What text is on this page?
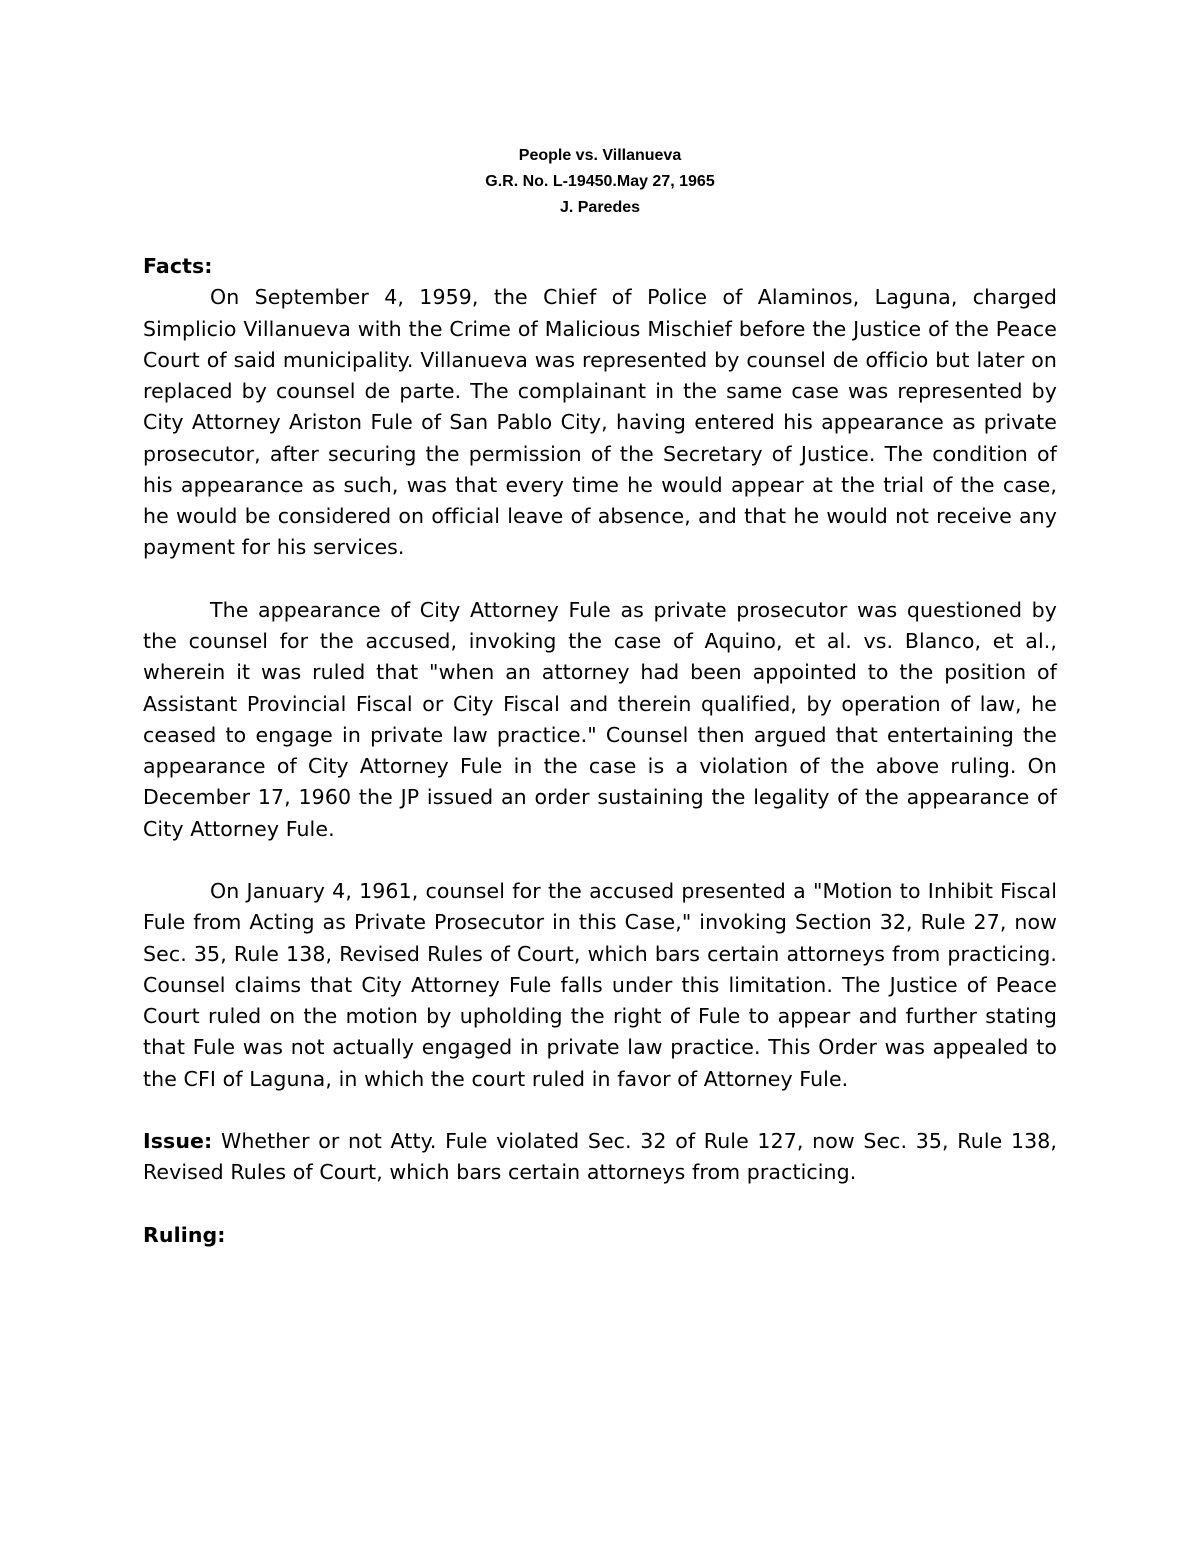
People vs. Villanueva
G.R. No. L-19450.May 27, 1965
J. Paredes
Facts:

On September 4, 1959, the Chief of Police of Alaminos, Laguna, charged Simplicio Villanueva with the Crime of Malicious Mischief before the Justice of the Peace Court of said municipality. Villanueva was represented by counsel de officio but later on replaced by counsel de parte. The complainant in the same case was represented by City Attorney Ariston Fule of San Pablo City, having entered his appearance as private prosecutor, after securing the permission of the Secretary of Justice. The condition of his appearance as such, was that every time he would appear at the trial of the case, he would be considered on official leave of absence, and that he would not receive any payment for his services.

The appearance of City Attorney Fule as private prosecutor was questioned by the counsel for the accused, invoking the case of Aquino, et al. vs. Blanco, et al., wherein it was ruled that "when an attorney had been appointed to the position of Assistant Provincial Fiscal or City Fiscal and therein qualified, by operation of law, he ceased to engage in private law practice." Counsel then argued that entertaining the appearance of City Attorney Fule in the case is a violation of the above ruling. On December 17, 1960 the JP issued an order sustaining the legality of the appearance of City Attorney Fule.

On January 4, 1961, counsel for the accused presented a "Motion to Inhibit Fiscal Fule from Acting as Private Prosecutor in this Case," invoking Section 32, Rule 27, now Sec. 35, Rule 138, Revised Rules of Court, which bars certain attorneys from practicing. Counsel claims that City Attorney Fule falls under this limitation. The Justice of Peace Court ruled on the motion by upholding the right of Fule to appear and further stating that Fule was not actually engaged in private law practice. This Order was appealed to the CFI of Laguna, in which the court ruled in favor of Attorney Fule.

Issue: Whether or not Atty. Fule violated Sec. 32 of Rule 127, now Sec. 35, Rule 138, Revised Rules of Court, which bars certain attorneys from practicing.

Ruling:
